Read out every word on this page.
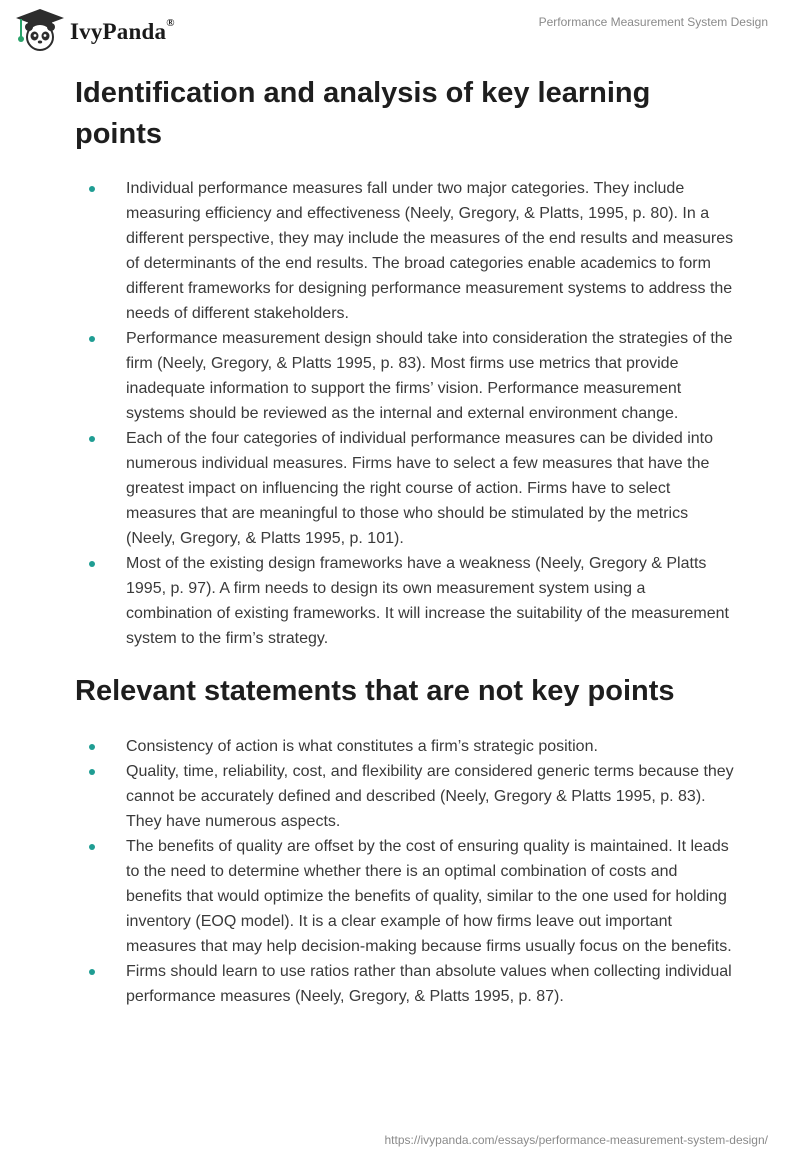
IvyPanda®	Performance Measurement System Design
Identification and analysis of key learning points
Individual performance measures fall under two major categories. They include measuring efficiency and effectiveness (Neely, Gregory, & Platts, 1995, p. 80). In a different perspective, they may include the measures of the end results and measures of determinants of the end results. The broad categories enable academics to form different frameworks for designing performance measurement systems to address the needs of different stakeholders.
Performance measurement design should take into consideration the strategies of the firm (Neely, Gregory, & Platts 1995, p. 83). Most firms use metrics that provide inadequate information to support the firms’ vision. Performance measurement systems should be reviewed as the internal and external environment change.
Each of the four categories of individual performance measures can be divided into numerous individual measures. Firms have to select a few measures that have the greatest impact on influencing the right course of action. Firms have to select measures that are meaningful to those who should be stimulated by the metrics (Neely, Gregory, & Platts 1995, p. 101).
Most of the existing design frameworks have a weakness (Neely, Gregory & Platts 1995, p. 97). A firm needs to design its own measurement system using a combination of existing frameworks. It will increase the suitability of the measurement system to the firm’s strategy.
Relevant statements that are not key points
Consistency of action is what constitutes a firm’s strategic position.
Quality, time, reliability, cost, and flexibility are considered generic terms because they cannot be accurately defined and described (Neely, Gregory & Platts 1995, p. 83). They have numerous aspects.
The benefits of quality are offset by the cost of ensuring quality is maintained. It leads to the need to determine whether there is an optimal combination of costs and benefits that would optimize the benefits of quality, similar to the one used for holding inventory (EOQ model). It is a clear example of how firms leave out important measures that may help decision-making because firms usually focus on the benefits.
Firms should learn to use ratios rather than absolute values when collecting individual performance measures (Neely, Gregory, & Platts 1995, p. 87).
https://ivypanda.com/essays/performance-measurement-system-design/
